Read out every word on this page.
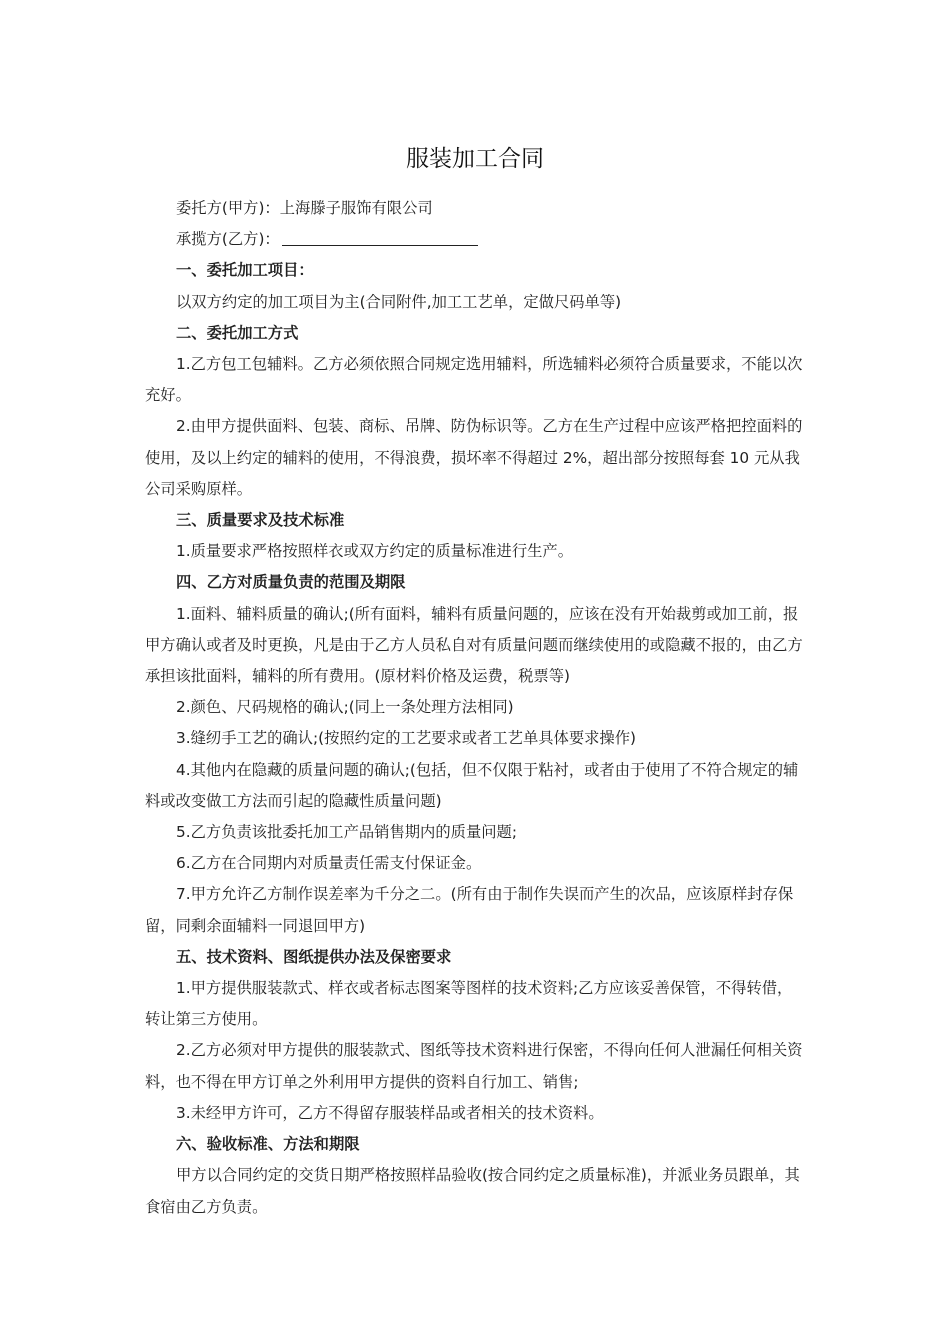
服装加工合同

委托方(甲方)：上海滕子服饰有限公司

承揽方(乙方)：

一、委托加工项目：

以双方约定的加工项目为主(合同附件,加工工艺单，定做尺码单等)

二、委托加工方式

1.乙方包工包辅料。乙方必须依照合同规定选用辅料，所选辅料必须符合质量要求，不能以次充好。

2.由甲方提供面料、包装、商标、吊牌、防伪标识等。乙方在生产过程中应该严格把控面料的使用，及以上约定的辅料的使用，不得浪费，损坏率不得超过 2%，超出部分按照每套 10 元从我公司采购原样。

三、质量要求及技术标准

1.质量要求严格按照样衣或双方约定的质量标准进行生产。

四、乙方对质量负责的范围及期限

1.面料、辅料质量的确认;(所有面料，辅料有质量问题的，应该在没有开始裁剪或加工前，报甲方确认或者及时更换，凡是由于乙方人员私自对有质量问题而继续使用的或隐藏不报的，由乙方承担该批面料，辅料的所有费用。(原材料价格及运费，税票等)

2.颜色、尺码规格的确认;(同上一条处理方法相同)

3.缝纫手工艺的确认;(按照约定的工艺要求或者工艺单具体要求操作)

4.其他内在隐藏的质量问题的确认;(包括，但不仅限于粘衬，或者由于使用了不符合规定的辅料或改变做工方法而引起的隐藏性质量问题)

5.乙方负责该批委托加工产品销售期内的质量问题;

6.乙方在合同期内对质量责任需支付保证金。

7.甲方允许乙方制作误差率为千分之二。(所有由于制作失误而产生的次品，应该原样封存保留，同剩余面辅料一同退回甲方)

五、技术资料、图纸提供办法及保密要求

1.甲方提供服装款式、样衣或者标志图案等图样的技术资料;乙方应该妥善保管，不得转借，转让第三方使用。

2.乙方必须对甲方提供的服装款式、图纸等技术资料进行保密，不得向任何人泄漏任何相关资料，也不得在甲方订单之外利用甲方提供的资料自行加工、销售;

3.未经甲方许可，乙方不得留存服装样品或者相关的技术资料。

六、验收标准、方法和期限

甲方以合同约定的交货日期严格按照样品验收(按合同约定之质量标准)，并派业务员跟单，其食宿由乙方负责。
